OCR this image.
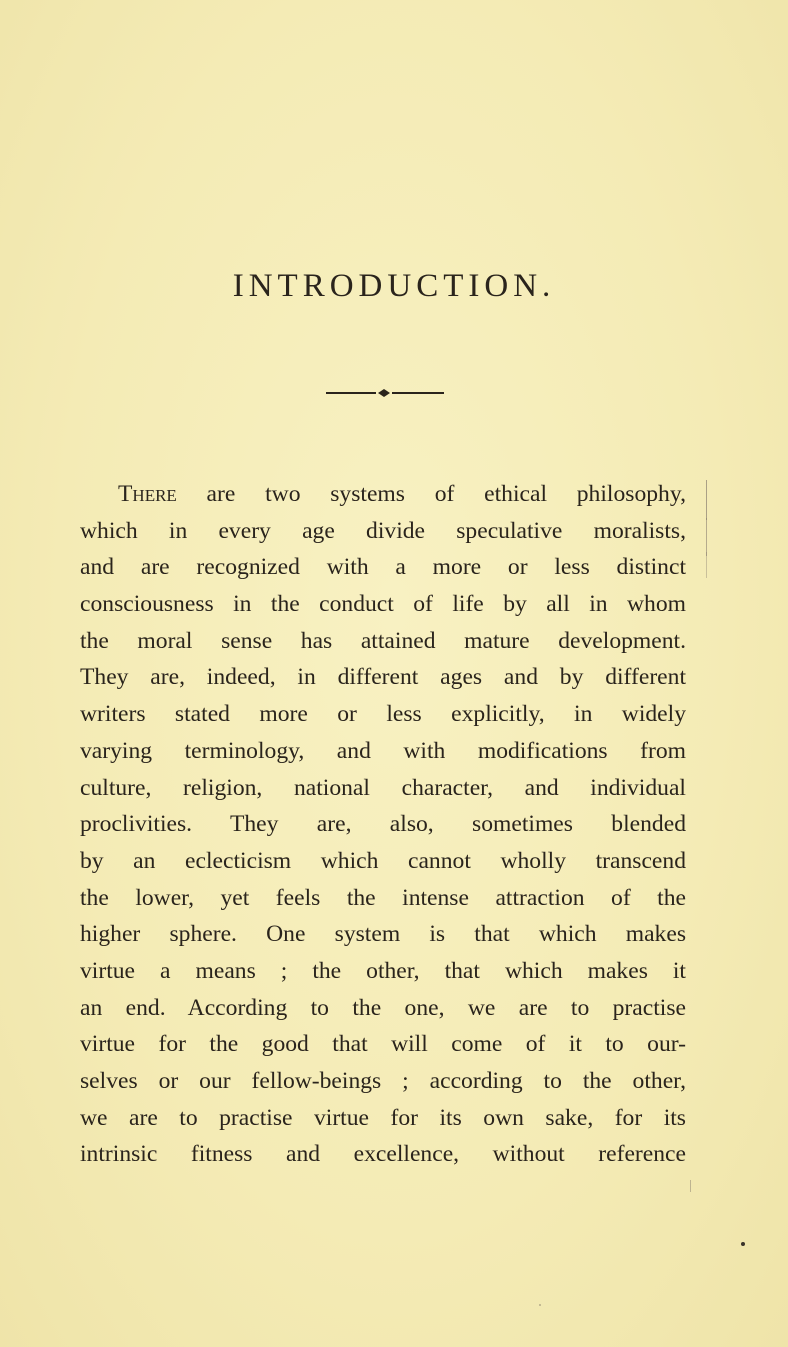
INTRODUCTION.
There are two systems of ethical philosophy,
which in every age divide speculative moralists,
and are recognized with a more or less distinct
consciousness in the conduct of life by all in whom
the moral sense has attained mature development.
They are, indeed, in different ages and by different
writers stated more or less explicitly, in widely
varying terminology, and with modifications from
culture, religion, national character, and individual
proclivities. They are, also, sometimes blended
by an eclecticism which cannot wholly transcend
the lower, yet feels the intense attraction of the
higher sphere. One system is that which makes
virtue a means ; the other, that which makes it
an end. According to the one, we are to practise
virtue for the good that will come of it to our-
selves or our fellow-beings ; according to the other,
we are to practise virtue for its own sake, for its
intrinsic fitness and excellence, without reference
